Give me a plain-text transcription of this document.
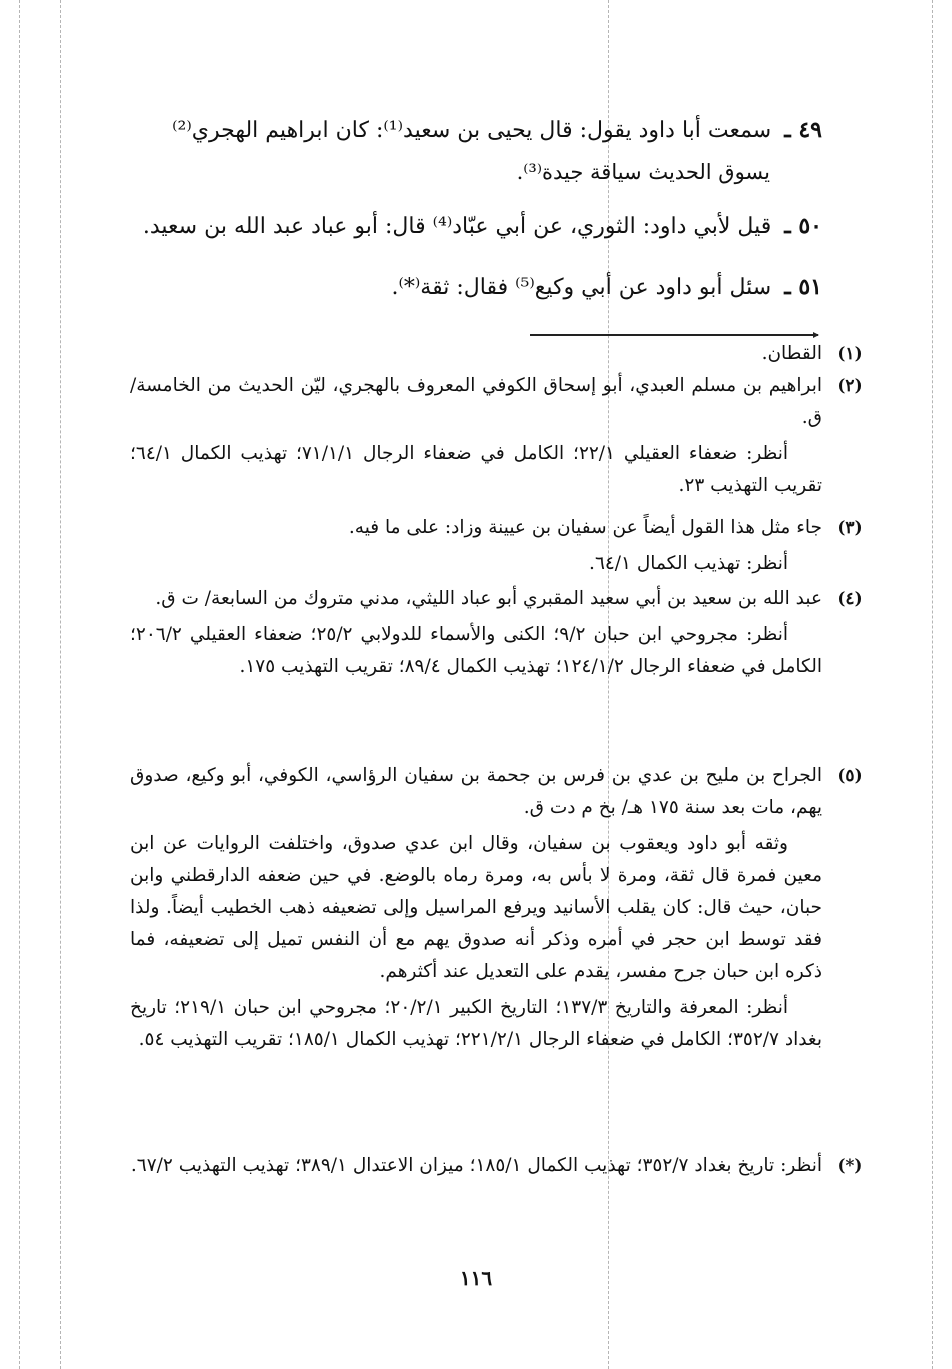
٤٩ ـ سمعت أبا داود يقول: قال يحيى بن سعيد⁽¹⁾: كان ابراهيم الهجري⁽²⁾
يسوق الحديث سياقة جيدة⁽³⁾.
٥٠ ـ قيل لأبي داود: الثوري، عن أبي عبّاد⁽⁴⁾ قال: أبو عباد عبد الله بن سعيد.
٥١ ـ سئل أبو داود عن أبي وكيع⁽⁵⁾ فقال: ثقة⁽*⁾.
(١)

القطان.

(٢)

ابراهيم بن مسلم العبدي، أبو إسحاق الكوفي المعروف بالهجري، ليّن الحديث من الخامسة/ ق.

أنظر: ضعفاء العقيلي ٢٢/١؛ الكامل في ضعفاء الرجال ٧١/١/١؛ تهذيب الكمال ٦٤/١؛ تقريب التهذيب ٢٣.

(٣)

جاء مثل هذا القول أيضاً عن سفيان بن عيينة وزاد: على ما فيه.

أنظر: تهذيب الكمال ٦٤/١.

(٤)

عبد الله بن سعيد بن أبي سعيد المقبري أبو عباد الليثي، مدني متروك من السابعة/ ت ق.

أنظر: مجروحي ابن حبان ٩/٢؛ الكنى والأسماء للدولابي ٢٥/٢؛ ضعفاء العقيلي ٢٠٦/٢؛ الكامل في ضعفاء الرجال ١٢٤/١/٢؛ تهذيب الكمال ٨٩/٤؛ تقريب التهذيب ١٧٥.

(٥)

الجراح بن مليح بن عدي بن فرس بن جحمة بن سفيان الرؤاسي، الكوفي، أبو وكيع، صدوق يهم، مات بعد سنة ١٧٥ هـ/ بخ م دت ق.

وثقه أبو داود ويعقوب بن سفيان، وقال ابن عدي صدوق، واختلفت الروايات عن ابن معين فمرة قال ثقة، ومرة لا بأس به، ومرة رماه بالوضع. في حين ضعفه الدارقطني وابن حبان، حيث قال: كان يقلب الأسانيد ويرفع المراسيل وإلى تضعيفه ذهب الخطيب أيضاً. ولذا فقد توسط ابن حجر في أمره وذكر أنه صدوق يهم مع أن النفس تميل إلى تضعيفه، فما ذكره ابن حبان جرح مفسر، يقدم على التعديل عند أكثرهم.

أنظر: المعرفة والتاريخ ١٣٧/٣؛ التاريخ الكبير ٢٠/٢/١؛ مجروحي ابن حبان ٢١٩/١؛ تاريخ بغداد ٣٥٢/٧؛ الكامل في ضعفاء الرجال ٢٢١/٢/١؛ تهذيب الكمال ١٨٥/١؛ تقريب التهذيب ٥٤.

(*)

أنظر: تاريخ بغداد ٣٥٢/٧؛ تهذيب الكمال ١٨٥/١؛ ميزان الاعتدال ٣٨٩/١؛ تهذيب التهذيب ٦٧/٢.

١١٦
